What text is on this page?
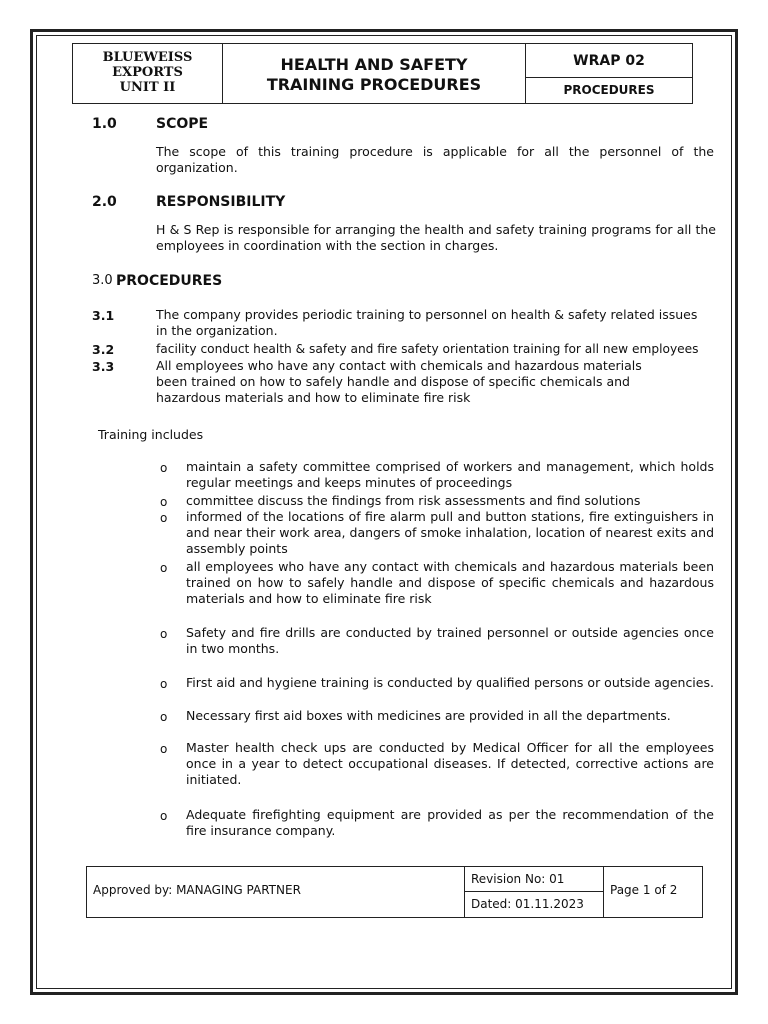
BLUEWEISS
EXPORTS
UNIT II
HEALTH AND SAFETY
TRAINING PROCEDURES
WRAP 02
PROCEDURES
1.0	SCOPE
The scope of this training procedure is applicable for all the personnel of the organization.
2.0	RESPONSIBILITY
H & S Rep is responsible for arranging the health and safety training programs for all the employees in coordination with the section in charges.
3.0 PROCEDURES
3.1	The company provides periodic training to personnel on health & safety related issues in the organization.
3.2	facility conduct health & safety and fire safety orientation training for all new employees
3.3	All employees who have any contact with chemicals and hazardous materials been trained on how to safely handle and dispose of specific chemicals and hazardous materials and how to eliminate fire risk
Training includes
o maintain a safety committee comprised of workers and management, which holds regular meetings and keeps minutes of proceedings
o committee discuss the findings from risk assessments and find solutions
o informed of the locations of fire alarm pull and button stations, fire extinguishers in and near their work area, dangers of smoke inhalation, location of nearest exits and assembly points
o all employees who have any contact with chemicals and hazardous materials been trained on how to safely handle and dispose of specific chemicals and hazardous materials and how to eliminate fire risk
o Safety and fire drills are conducted by trained personnel or outside agencies once in two months.
o First aid and hygiene training is conducted by qualified persons or outside agencies.
o Necessary first aid boxes with medicines are provided in all the departments.
o Master health check ups are conducted by Medical Officer for all the employees once in a year to detect occupational diseases. If detected, corrective actions are initiated.
o Adequate firefighting equipment are provided as per the recommendation of the fire insurance company.
Approved by: MANAGING PARTNER
Revision No: 01
Dated: 01.11.2023
Page 1 of 2
